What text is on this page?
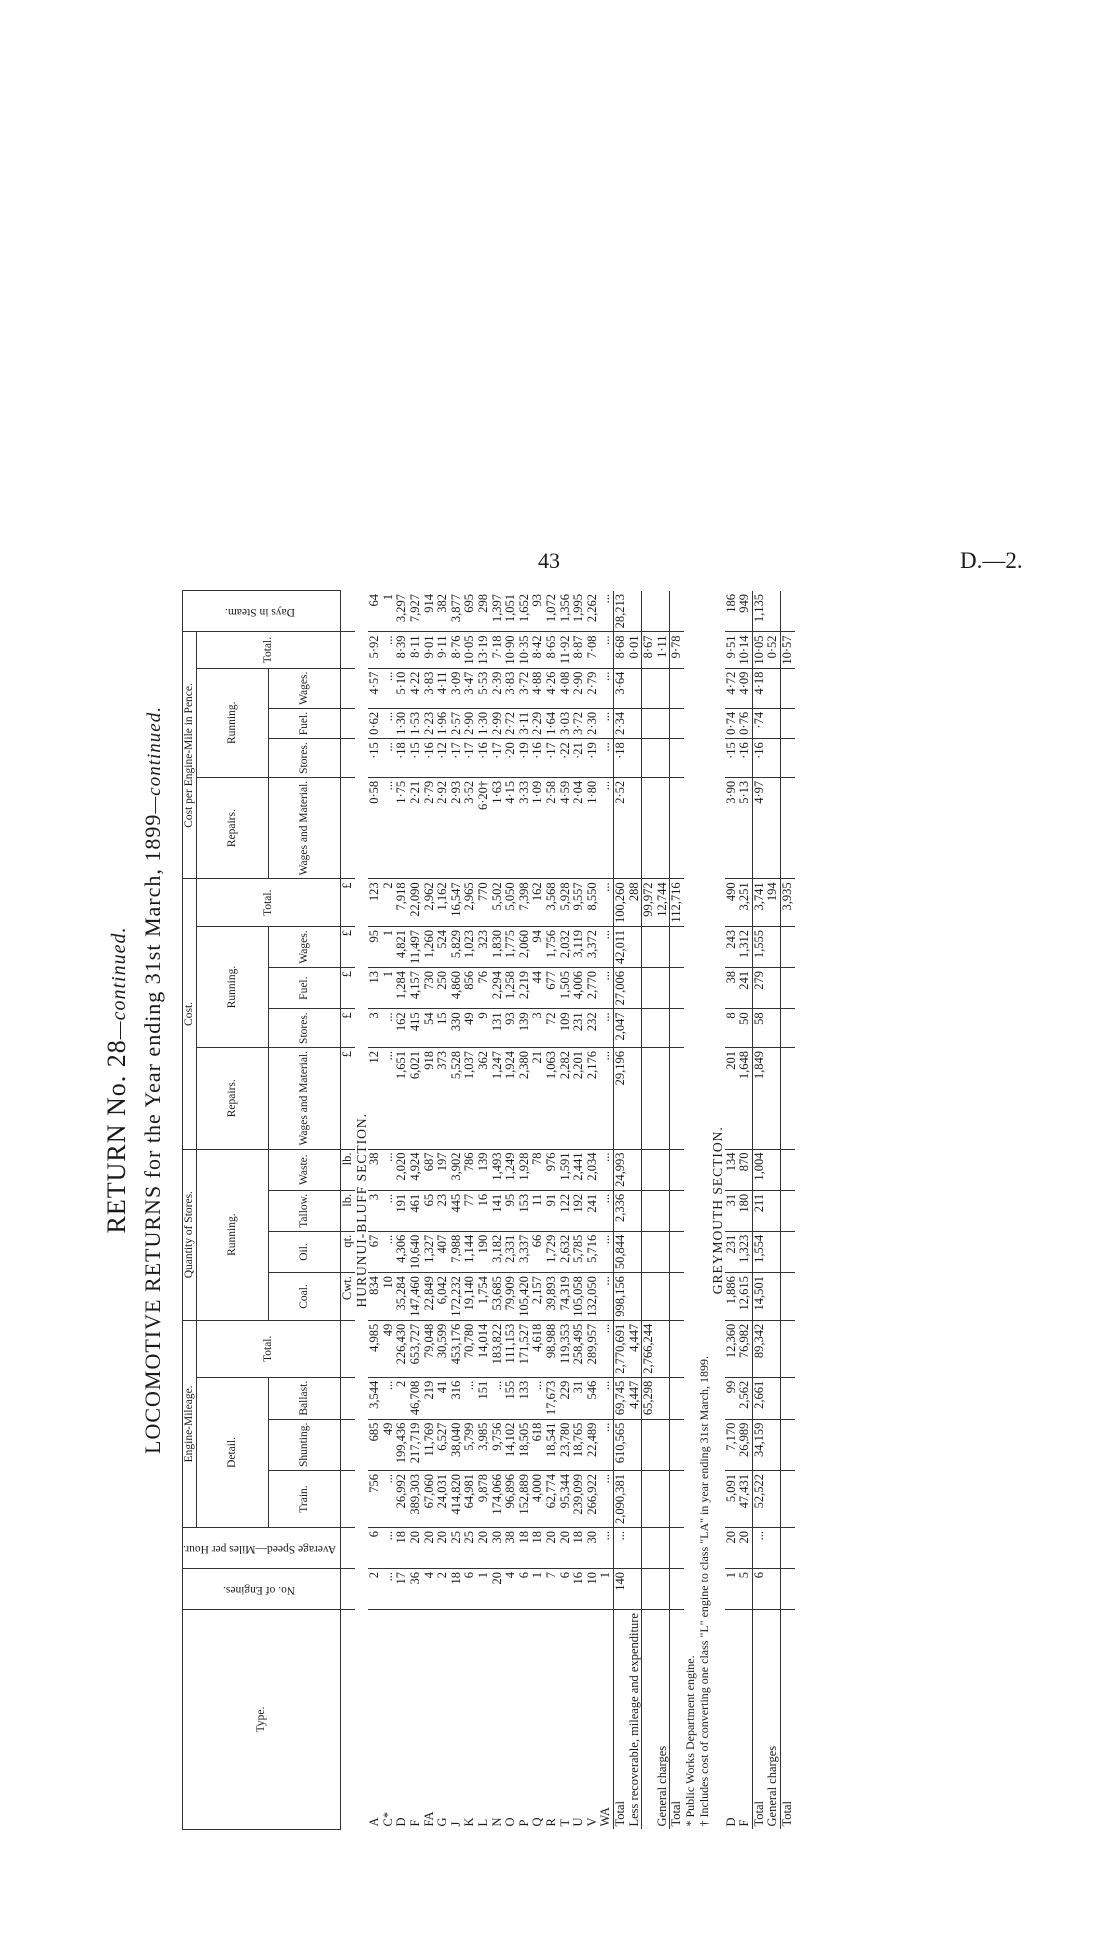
43	D.—2.
RETURN No. 28—continued. LOCOMOTIVE RETURNS for the Year ending 31st March, 1899—continued.
Type.	No. of Engines.	Average Speed—Miles per Hour.	Engine-Mileage.				Quantity of Stores.				Cost.					Cost per Engine-Mile in Pence.					Days in Steam.
			Detail.			Total.	Running.				Repairs.	Running.			Total.	Repairs.	Running.			Total.	
			Train.	Shunting.	Ballast.		Coal.	Oil.	Tallow.	Waste.	Wages and Material.	Stores.	Fuel.	Wages.		Wages and Material.	Stores.	Fuel.	Wages.		

							Cwt.	qt.	lb.	lb.	£	£	£	£	£						
HURUNUI-BLUFF SECTION.																					
A	2	6	756	685	3,544	4,985	834	67	3	38	12	3	13	95	123	0·58	·15	0·62	4·57	5·92	64
C*	...	...	...	49	...	49	10	...	...	...	...	...	1	1	2	...	...	...	...	...	1
D	17	18	26,992	199,436	2	226,430	35,284	4,306	191	2,020	1,651	162	1,284	4,821	7,918	1·75	·18	1·30	5·10	8·39	3,297
F	36	20	389,303	217,719	46,708	653,727	147,460	10,640	461	4,924	6,021	415	4,157	11,497	22,090	2·21	·15	1·53	4·22	8·11	7,927
FA	4	20	67,060	11,769	219	79,048	22,849	1,327	65	687	918	54	730	1,260	2,962	2·79	·16	2·23	3·83	9·01	914
G	2	20	24,031	6,527	41	30,599	6,042	407	23	197	373	15	250	524	1,162	2·92	·12	1·96	4·11	9·11	382
J	18	25	414,820	38,040	316	453,176	172,232	7,988	445	3,902	5,528	330	4,860	5,829	16,547	2·93	·17	2·57	3·09	8·76	3,877
K	6	25	64,981	5,799	...	70,780	19,140	1,144	77	786	1,037	49	856	1,023	2,965	3·52	·17	2·90	3·47	10·05	695
L	1	20	9,878	3,985	151	14,014	1,754	190	16	139	362	9	76	323	770	6·20†	·16	1·30	5·53	13·19	298
N	20	30	174,066	9,756	...	183,822	53,685	3,182	141	1,493	1,247	131	2,294	1,830	5,502	1·63	·17	2·99	2·39	7·18	1,397
O	4	38	96,896	14,102	155	111,153	79,909	2,331	95	1,249	1,924	93	1,258	1,775	5,050	4·15	·20	2·72	3·83	10·90	1,051
P	6	18	152,889	18,505	133	171,527	105,420	3,337	153	1,928	2,380	139	2,219	2,060	7,398	3·33	·19	3·11	3·72	10·35	1,652
Q	1	18	4,000	618	...	4,618	2,157	66	11	78	21	3	44	94	162	1·09	·16	2·29	4·88	8·42	93
R	7	20	62,774	18,541	17,673	98,988	39,893	1,729	91	976	1,063	72	677	1,756	3,568	2·58	·17	1·64	4·26	8·65	1,072
T	6	20	95,344	23,780	229	119,353	74,319	2,632	122	1,591	2,282	109	1,505	2,032	5,928	4·59	·22	3·03	4·08	11·92	1,356
U	16	18	239,099	18,765	31	258,495	105,058	5,785	192	2,441	2,201	231	4,006	3,119	9,557	2·04	·21	3·72	2·90	8·87	1,995
V	10	30	266,922	22,489	546	289,957	132,050	5,716	241	2,034	2,176	232	2,770	3,372	8,550	1·80	·19	2·30	2·79	7·08	2,262
WA	1	...	...	...	...	...	...	...	...	...	...	...	...	...	...	...	...	...	...	...	...
Total	140	...	2,090,381	610,565	69,745	2,770,691	998,156	50,844	2,336	24,993	29,196	2,047	27,006	42,011	100,260	2·52	·18	2·34	3·64	8·68	28,213
Less recoverable, mileage and expenditure					4,447	4,447									288					0·01	
					65,298	2,766,244									99,972					8·67	
General charges															12,744					1·11	
Total															112,716					9·78	
* Public Works Department engine.																					
† Includes cost of converting one class "L" engine to class "LA" in year ending 31st March, 1899.																					
GREYMOUTH SECTION.																					
D	1	20	5,091	7,170	99	12,360	1,886	231	31	134	201	8	38	243	490	3·90	·15	0·74	4·72	9·51	186
F	5	20	47,431	26,989	2,562	76,982	12,615	1,323	180	870	1,648	50	241	1,312	3,251	5·13	·16	0·76	4·09	10·14	949
Total	6	...	52,522	34,159	2,661	89,342	14,501	1,554	211	1,004	1,849	58	279	1,555	3,741	4·97	·16	·74	4·18	10·05	1,135
General charges															194					0·52	
Total															3,935					10·57	
